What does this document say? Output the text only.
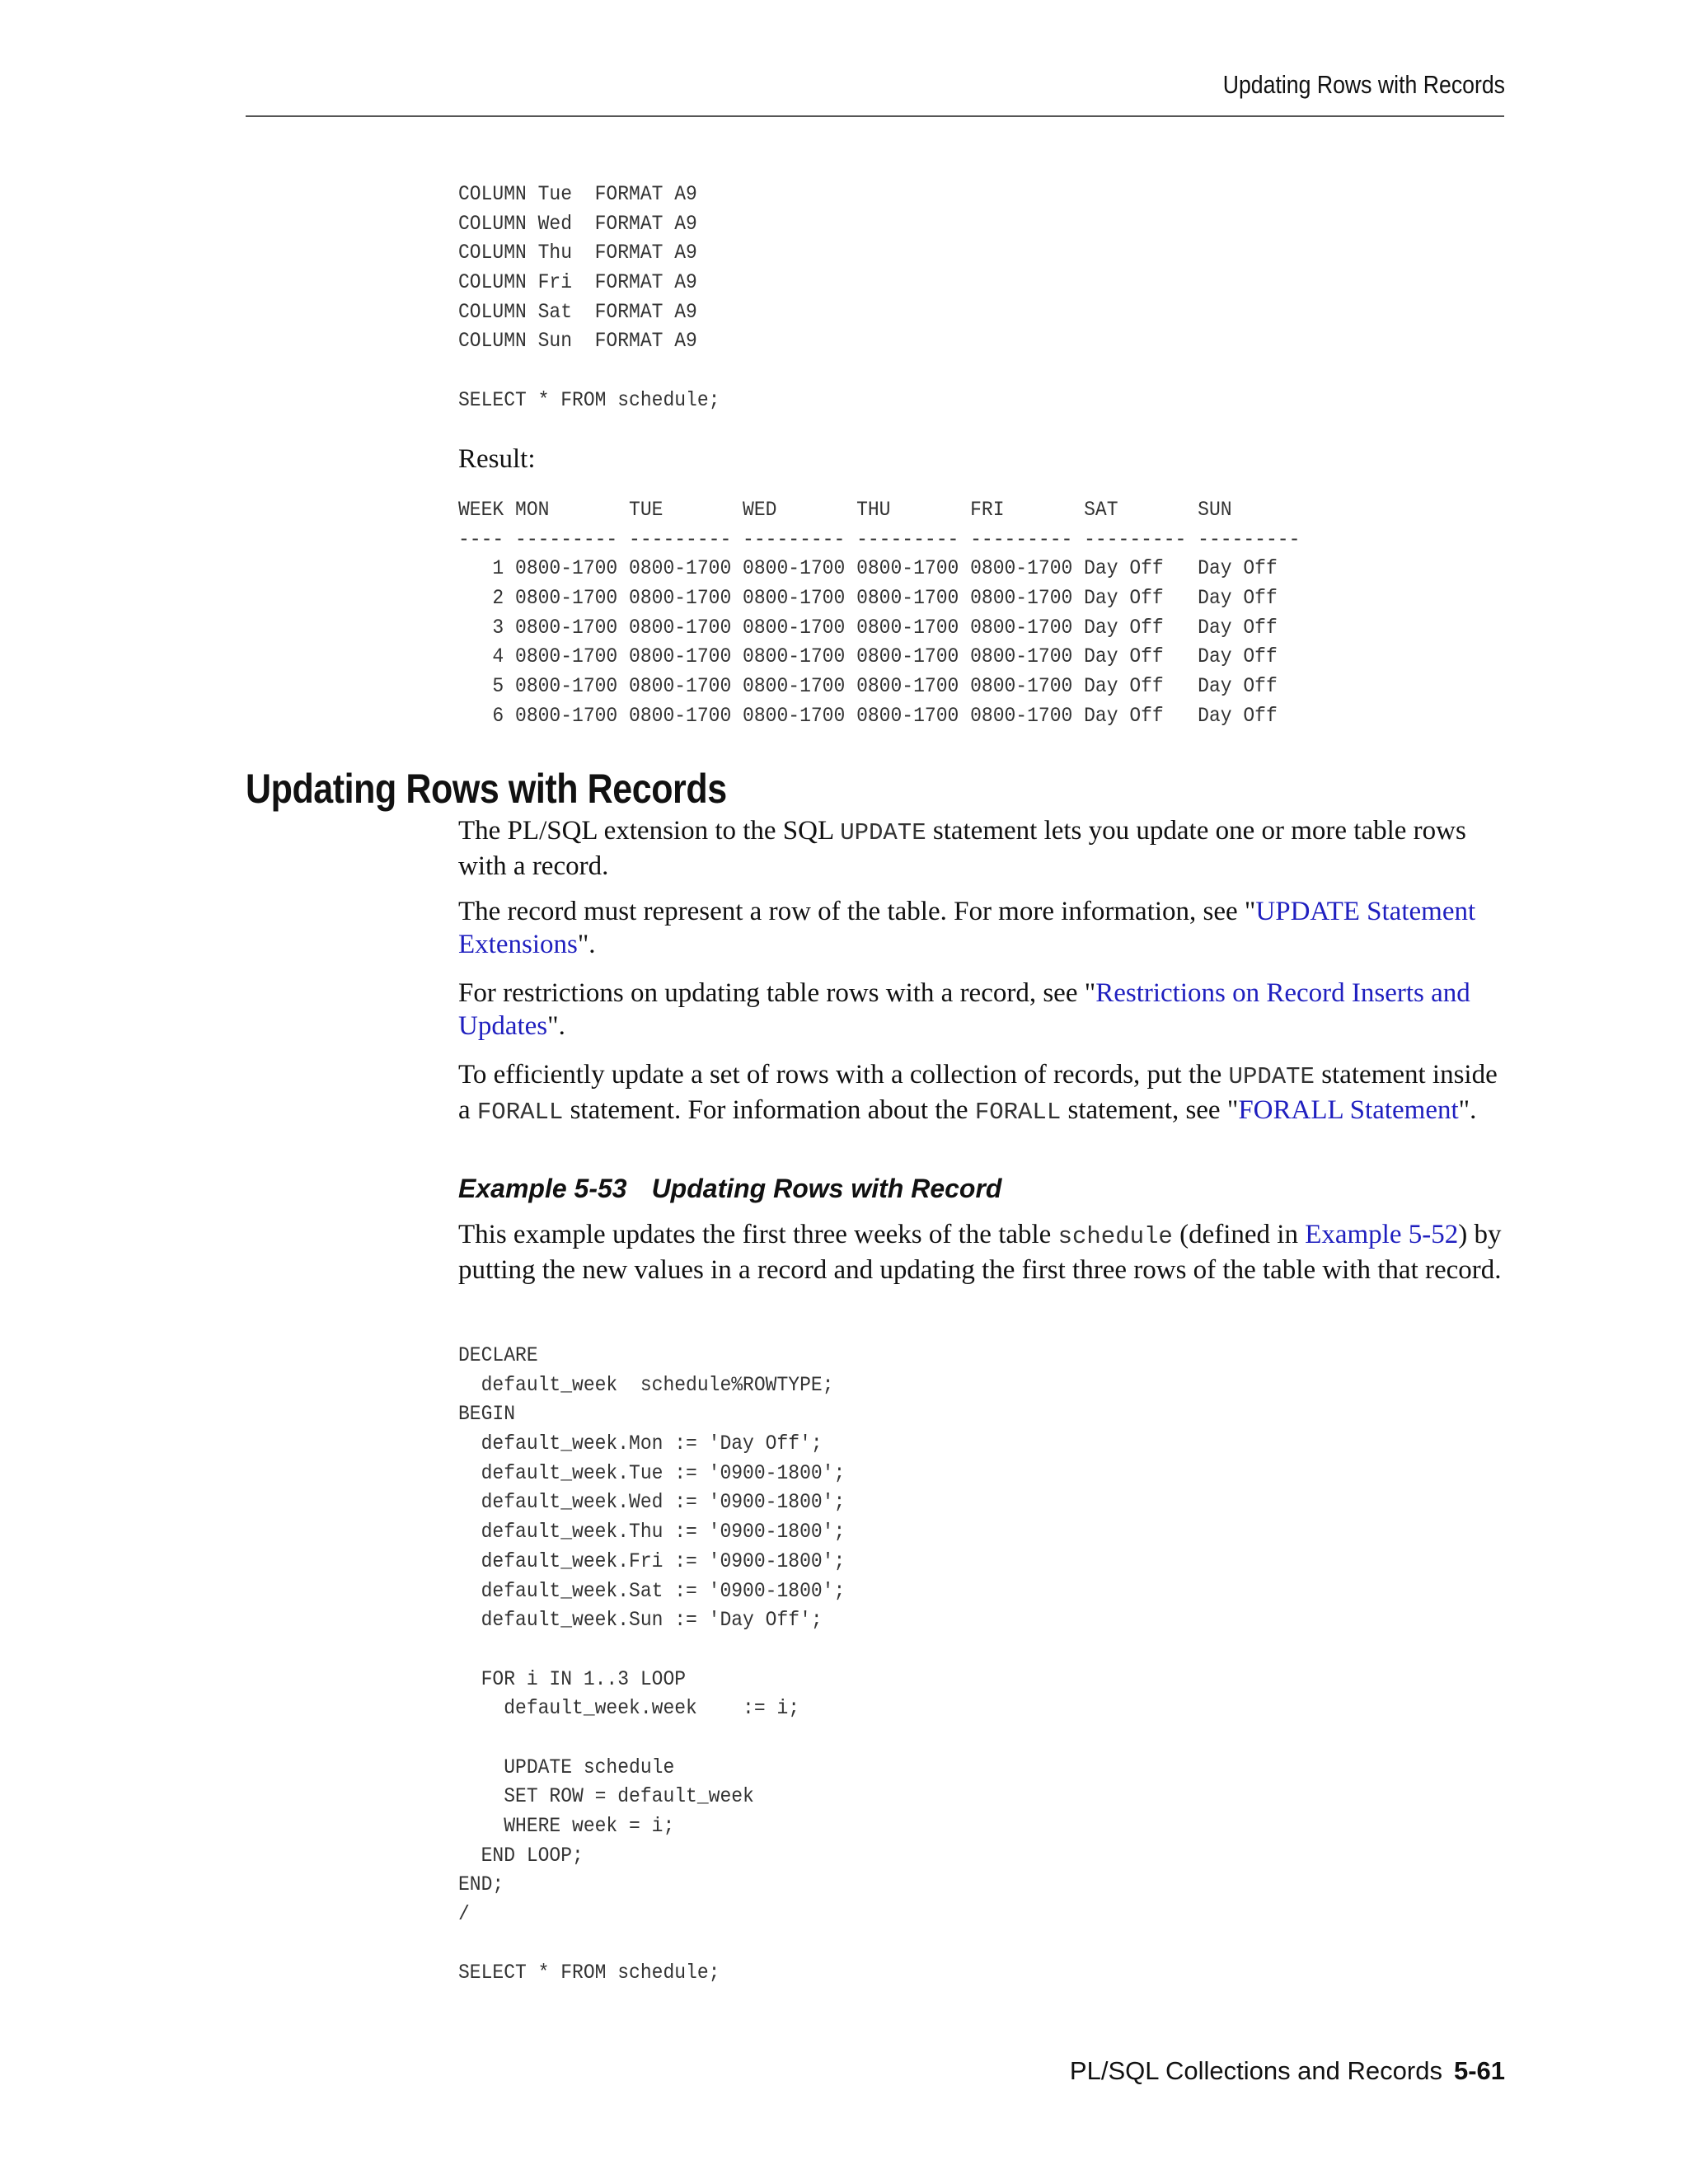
Updating Rows with Records
COLUMN Tue  FORMAT A9
COLUMN Wed  FORMAT A9
COLUMN Thu  FORMAT A9
COLUMN Fri  FORMAT A9
COLUMN Sat  FORMAT A9
COLUMN Sun  FORMAT A9
SELECT * FROM schedule;

Result:

WEEK MON       TUE       WED       THU       FRI       SAT       SUN
---- --------- --------- --------- --------- --------- --------- ---------
1 0800-1700 0800-1700 0800-1700 0800-1700 0800-1700 Day Off   Day Off
2 0800-1700 0800-1700 0800-1700 0800-1700 0800-1700 Day Off   Day Off
3 0800-1700 0800-1700 0800-1700 0800-1700 0800-1700 Day Off   Day Off
4 0800-1700 0800-1700 0800-1700 0800-1700 0800-1700 Day Off   Day Off
5 0800-1700 0800-1700 0800-1700 0800-1700 0800-1700 Day Off   Day Off
6 0800-1700 0800-1700 0800-1700 0800-1700 0800-1700 Day Off   Day Off
Updating Rows with Records

The PL/SQL extension to the SQL UPDATE statement lets you update one or more table rows with a record.

The record must represent a row of the table. For more information, see "UPDATE Statement Extensions".

For restrictions on updating table rows with a record, see "Restrictions on Record Inserts and Updates".

To efficiently update a set of rows with a collection of records, put the UPDATE statement inside a FORALL statement. For information about the FORALL statement, see "FORALL Statement".

Example 5-53 Updating Rows with Record

This example updates the first three weeks of the table schedule (defined in Example 5-52) by putting the new values in a record and updating the first three rows of the table with that record.

DECLARE
default_week  schedule%ROWTYPE;
BEGIN
default_week.Mon := 'Day Off';
default_week.Tue := '0900-1800';
default_week.Wed := '0900-1800';
default_week.Thu := '0900-1800';
default_week.Fri := '0900-1800';
default_week.Sat := '0900-1800';
default_week.Sun := 'Day Off';
FOR i IN 1..3 LOOP
default_week.week    := i;
UPDATE schedule
SET ROW = default_week
WHERE week = i;
END LOOP;
END;
/
SELECT * FROM schedule;
PL/SQL Collections and Records 5-61
